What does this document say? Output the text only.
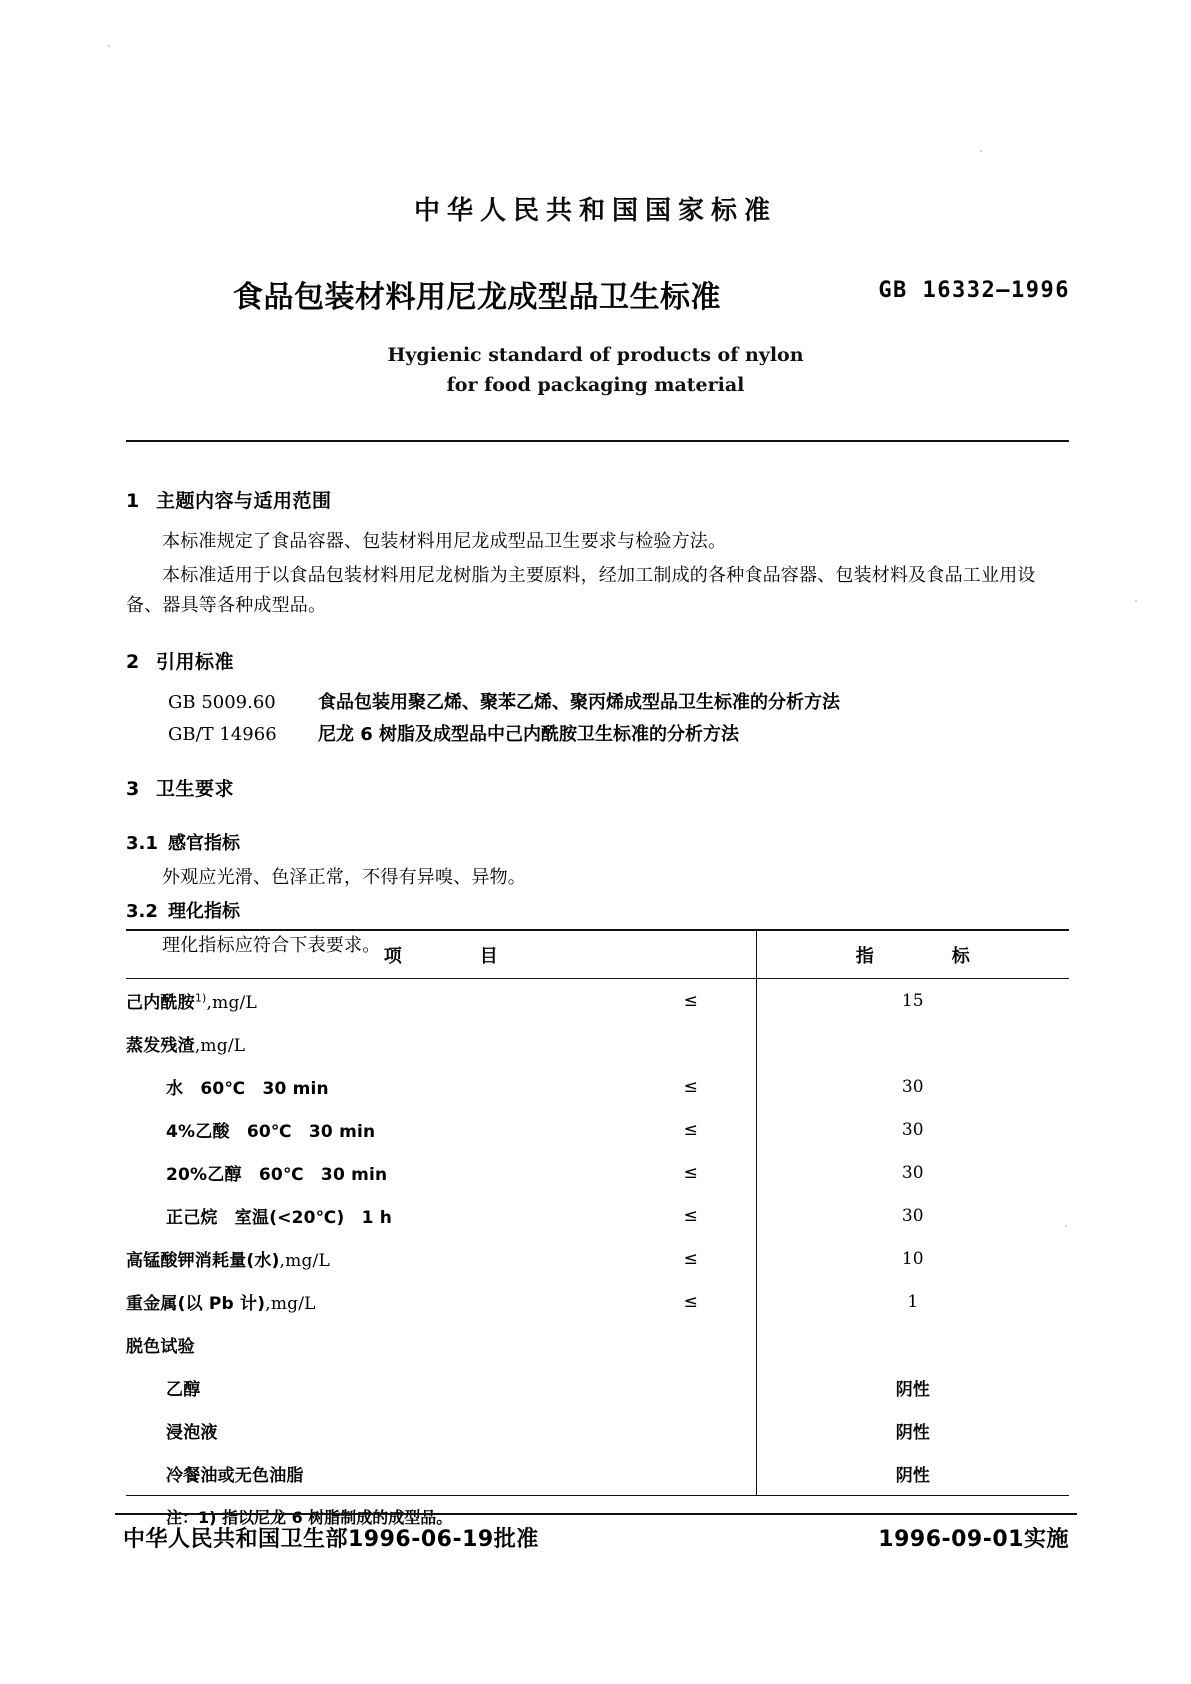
中华人民共和国国家标准
食品包装材料用尼龙成型品卫生标准	GB 16332—1996
Hygienic standard of products of nylon
for food packaging material
1 主题内容与适用范围

本标准规定了食品容器、包装材料用尼龙成型品卫生要求与检验方法。

本标准适用于以食品包装材料用尼龙树脂为主要原料，经加工制成的各种食品容器、包装材料及食品工业用设备、器具等各种成型品。

2 引用标准

GB 5009.60 食品包装用聚乙烯、聚苯乙烯、聚丙烯成型品卫生标准的分析方法

GB/T 14966 尼龙 6 树脂及成型品中己内酰胺卫生标准的分析方法

3 卫生要求
3.1 感官指标

外观应光滑、色泽正常，不得有异嗅、异物。

3.2 理化指标

理化指标应符合下表要求。

项　　目		指　　标
己内酰胺$^{1)}$,mg/L	≤	15
蒸发残渣,mg/L		
水　60℃　30 min	≤	30
4%乙酸　60℃　30 min	≤	30
20%乙醇　60℃　30 min	≤	30
正己烷　室温(<20℃)　1 h	≤	30
高锰酸钾消耗量(水),mg/L	≤	10
重金属(以 Pb 计),mg/L	≤	1
脱色试验		
乙醇		阴性
浸泡液		阴性
冷餐油或无色油脂		阴性
注：1) 指以尼龙 6 树脂制成的成型品。
中华人民共和国卫生部1996-06-19批准	1996-09-01实施
